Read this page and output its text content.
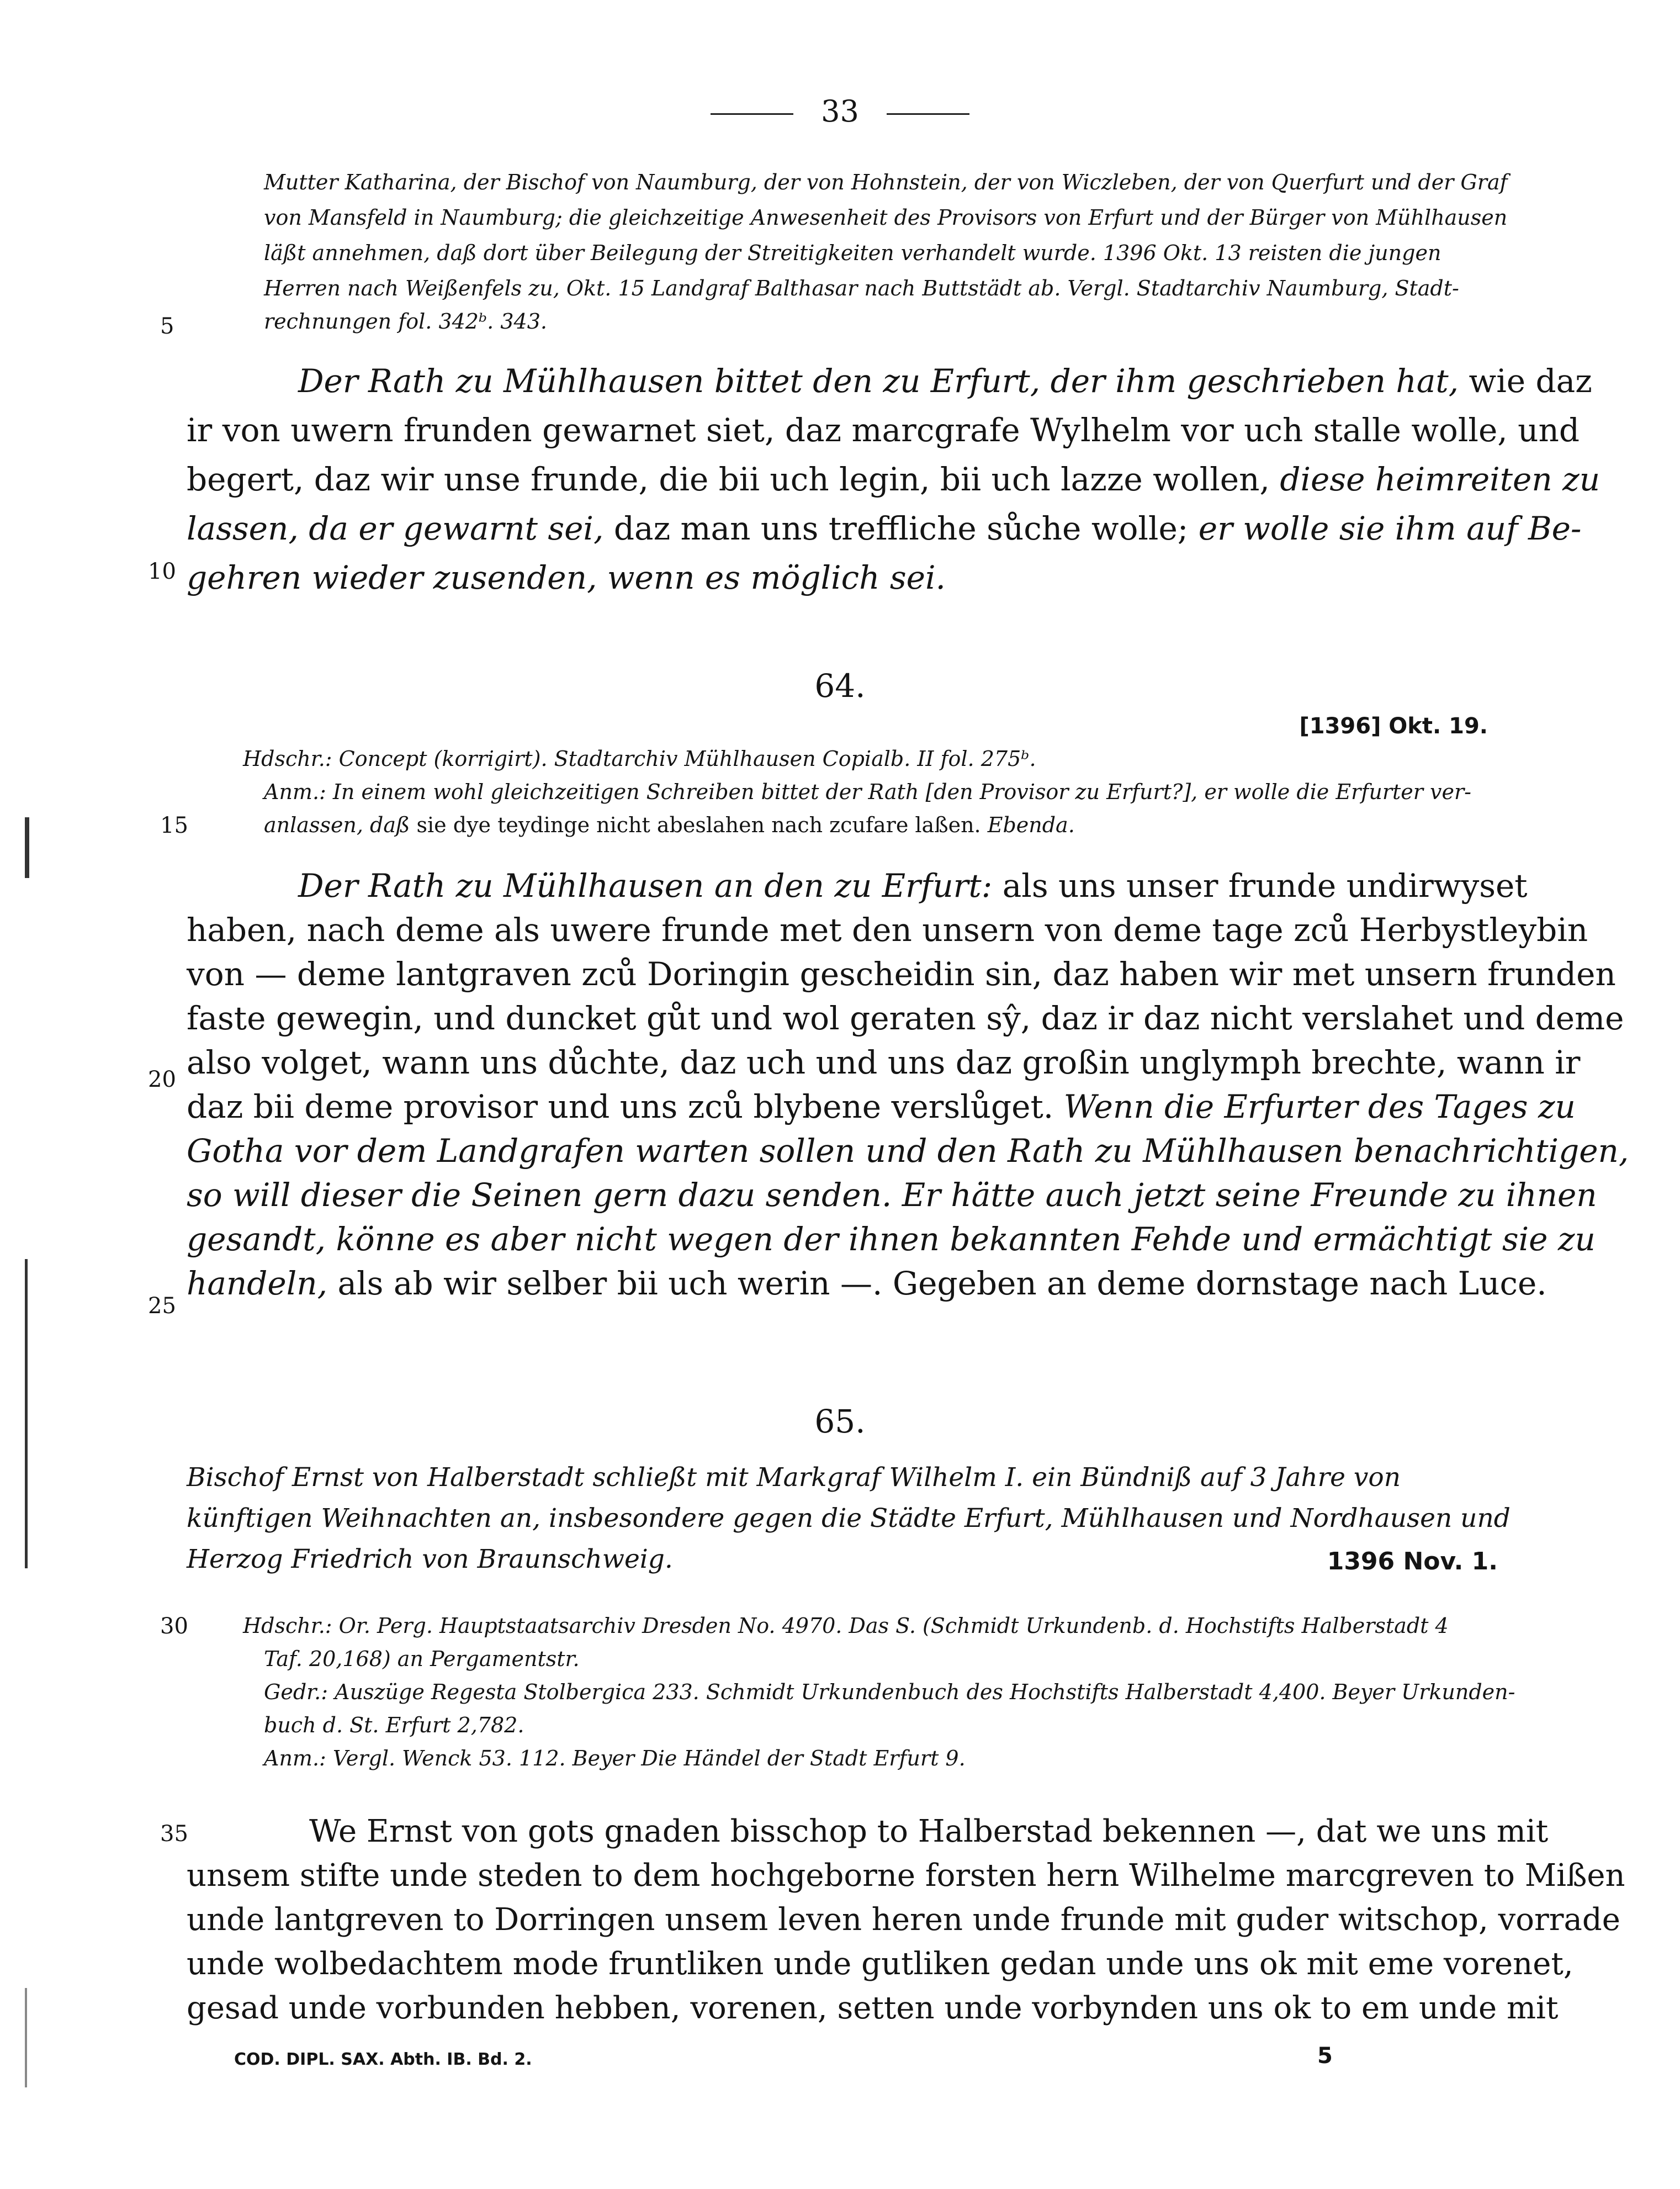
33
Mutter Katharina, der Bischof von Naumburg, der von Hohnstein, der von Wiczleben, der von Querfurt und der Graf
von Mansfeld in Naumburg; die gleichzeitige Anwesenheit des Provisors von Erfurt und der Bürger von Mühlhausen
läßt annehmen, daß dort über Beilegung der Streitigkeiten verhandelt wurde. 1396 Okt. 13 reisten die jungen
Herren nach Weißenfels zu, Okt. 15 Landgraf Balthasar nach Buttstädt ab. Vergl. Stadtarchiv Naumburg, Stadt-
rechnungen fol. 342ᵇ. 343.
Der Rath zu Mühlhausen bittet den zu Erfurt, der ihm geschrieben hat, wie daz
ir von uwern frunden gewarnet siet, daz marcgrafe Wylhelm vor uch stalle wolle, und
begert, daz wir unse frunde, die bii uch legin, bii uch lazze wollen, diese heimreiten zu
lassen, da er gewarnt sei, daz man uns treffliche sůche wolle; er wolle sie ihm auf Be-
gehren wieder zusenden, wenn es möglich sei.
64.
[1396] Okt. 19.
Hdschr.: Concept (korrigirt). Stadtarchiv Mühlhausen Copialb. II fol. 275ᵇ.
Anm.: In einem wohl gleichzeitigen Schreiben bittet der Rath [den Provisor zu Erfurt?], er wolle die Erfurter ver-
anlassen, daß sie dye teydinge nicht abeslahen nach zcufare laßen. Ebenda.
Der Rath zu Mühlhausen an den zu Erfurt: als uns unser frunde undirwyset
haben, nach deme als uwere frunde met den unsern von deme tage zců Herbystleybin
von — deme lantgraven zců Doringin gescheidin sin, daz haben wir met unsern frunden
faste gewegin, und duncket gůt und wol geraten sŷ, daz ir daz nicht verslahet und deme
also volget, wann uns důchte, daz uch und uns daz großin unglymph brechte, wann ir
daz bii deme provisor und uns zců blybene verslůget. Wenn die Erfurter des Tages zu
Gotha vor dem Landgrafen warten sollen und den Rath zu Mühlhausen benachrichtigen,
so will dieser die Seinen gern dazu senden. Er hätte auch jetzt seine Freunde zu ihnen
gesandt, könne es aber nicht wegen der ihnen bekannten Fehde und ermächtigt sie zu
handeln, als ab wir selber bii uch werin —. Gegeben an deme dornstage nach Luce.
65.
Bischof Ernst von Halberstadt schließt mit Markgraf Wilhelm I. ein Bündniß auf 3 Jahre von
künftigen Weihnachten an, insbesondere gegen die Städte Erfurt, Mühlhausen und Nordhausen und
Herzog Friedrich von Braunschweig.	1396 Nov. 1.
Hdschr.: Or. Perg. Hauptstaatsarchiv Dresden No. 4970. Das S. (Schmidt Urkundenb. d. Hochstifts Halberstadt 4
Taf. 20,168) an Pergamentstr.
Gedr.: Auszüge Regesta Stolbergica 233. Schmidt Urkundenbuch des Hochstifts Halberstadt 4,400. Beyer Urkunden-
buch d. St. Erfurt 2,782.
Anm.: Vergl. Wenck 53. 112. Beyer Die Händel der Stadt Erfurt 9.
We Ernst von gots gnaden bisschop to Halberstad bekennen —, dat we uns mit
unsem stifte unde steden to dem hochgeborne forsten hern Wilhelme marcgreven to Mißen
unde lantgreven to Dorringen unsem leven heren unde frunde mit guder witschop, vorrade
unde wolbedachtem mode fruntliken unde gutliken gedan unde uns ok mit eme vorenet,
gesad unde vorbunden hebben, vorenen, setten unde vorbynden uns ok to em unde mit
5
10
15
20
25
30
35
COD. DIPL. SAX. Abth. IB. Bd. 2.	5
